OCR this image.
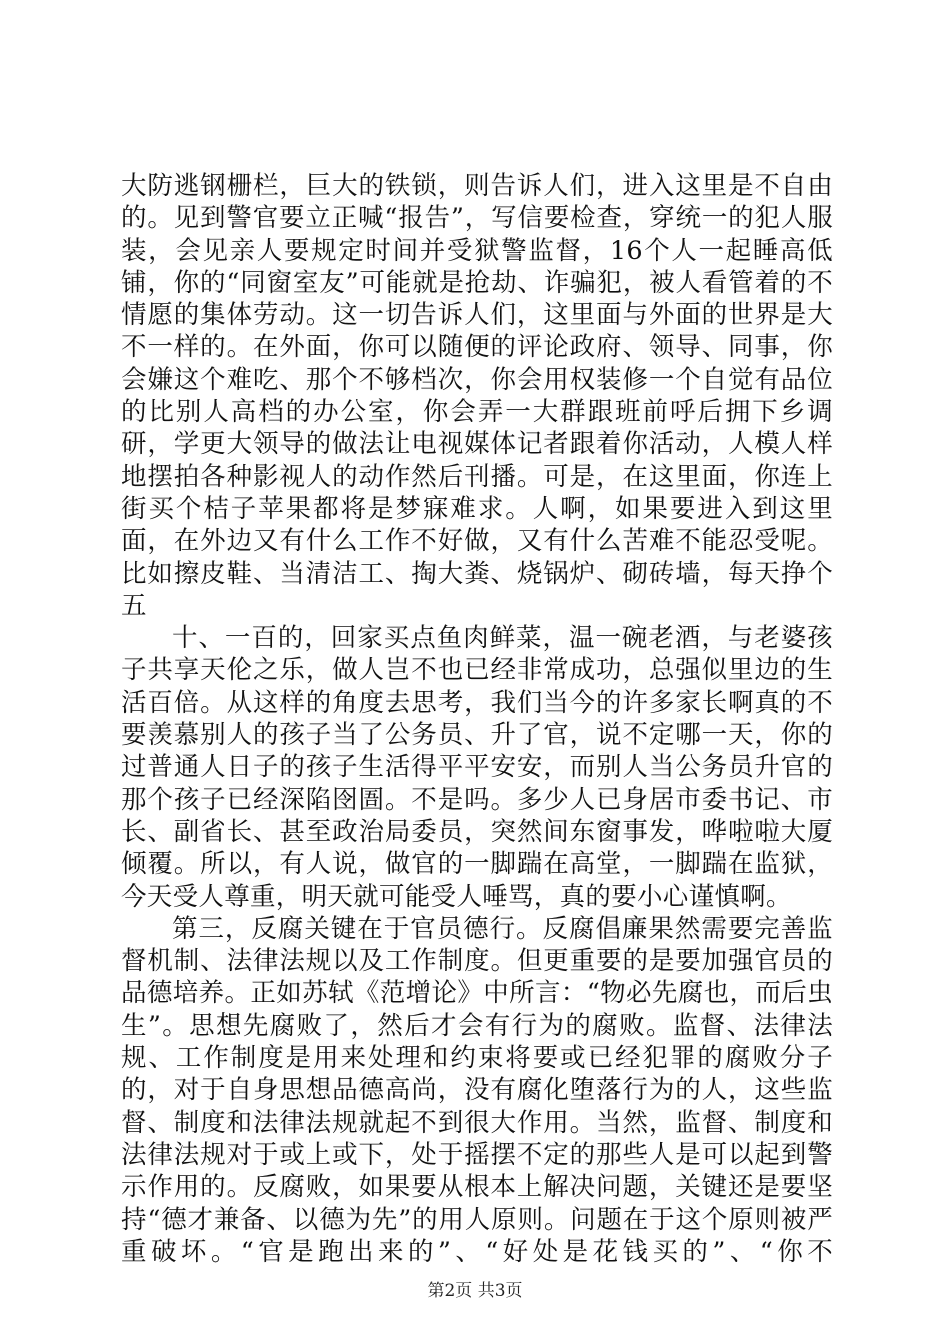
大防逃钢栅栏，巨大的铁锁，则告诉人们，进入这里是不自由的。见到警官要立正喊“报告”，写信要检查，穿统一的犯人服装，会见亲人要规定时间并受狱警监督，16个人一起睡高低铺，你的“同窗室友”可能就是抢劫、诈骗犯，被人看管着的不情愿的集体劳动。这一切告诉人们，这里面与外面的世界是大不一样的。在外面，你可以随便的评论政府、领导、同事，你会嫌这个难吃、那个不够档次，你会用权装修一个自觉有品位的比别人高档的办公室，你会弄一大群跟班前呼后拥下乡调研，学更大领导的做法让电视媒体记者跟着你活动，人模人样地摆拍各种影视人的动作然后刊播。可是，在这里面，你连上街买个桔子苹果都将是梦寐难求。人啊，如果要进入到这里面，在外边又有什么工作不好做，又有什么苦难不能忍受呢。比如擦皮鞋、当清洁工、掏大粪、烧锅炉、砌砖墙，每天挣个五

十、一百的，回家买点鱼肉鲜菜，温一碗老酒，与老婆孩子共享天伦之乐，做人岂不也已经非常成功，总强似里边的生活百倍。从这样的角度去思考，我们当今的许多家长啊真的不要羡慕别人的孩子当了公务员、升了官，说不定哪一天，你的过普通人日子的孩子生活得平平安安，而别人当公务员升官的那个孩子已经深陷囹圄。不是吗。多少人已身居市委书记、市长、副省长、甚至政治局委员，突然间东窗事发，哗啦啦大厦倾覆。所以，有人说，做官的一脚踹在高堂，一脚踹在监狱，今天受人尊重，明天就可能受人唾骂，真的要小心谨慎啊。

第三，反腐关键在于官员德行。反腐倡廉果然需要完善监督机制、法律法规以及工作制度。但更重要的是要加强官员的品德培养。正如苏轼《范增论》中所言：“物必先腐也，而后虫生”。思想先腐败了，然后才会有行为的腐败。监督、法律法规、工作制度是用来处理和约束将要或已经犯罪的腐败分子的，对于自身思想品德高尚，没有腐化堕落行为的人，这些监督、制度和法律法规就起不到很大作用。当然，监督、制度和法律法规对于或上或下，处于摇摆不定的那些人是可以起到警示作用的。反腐败，如果要从根本上解决问题，关键还是要坚持“德才兼备、以德为先”的用人原则。问题在于这个原则被严重破坏。“官是跑出来的”、“好处是花钱买的”、“你不

第2页 共3页
